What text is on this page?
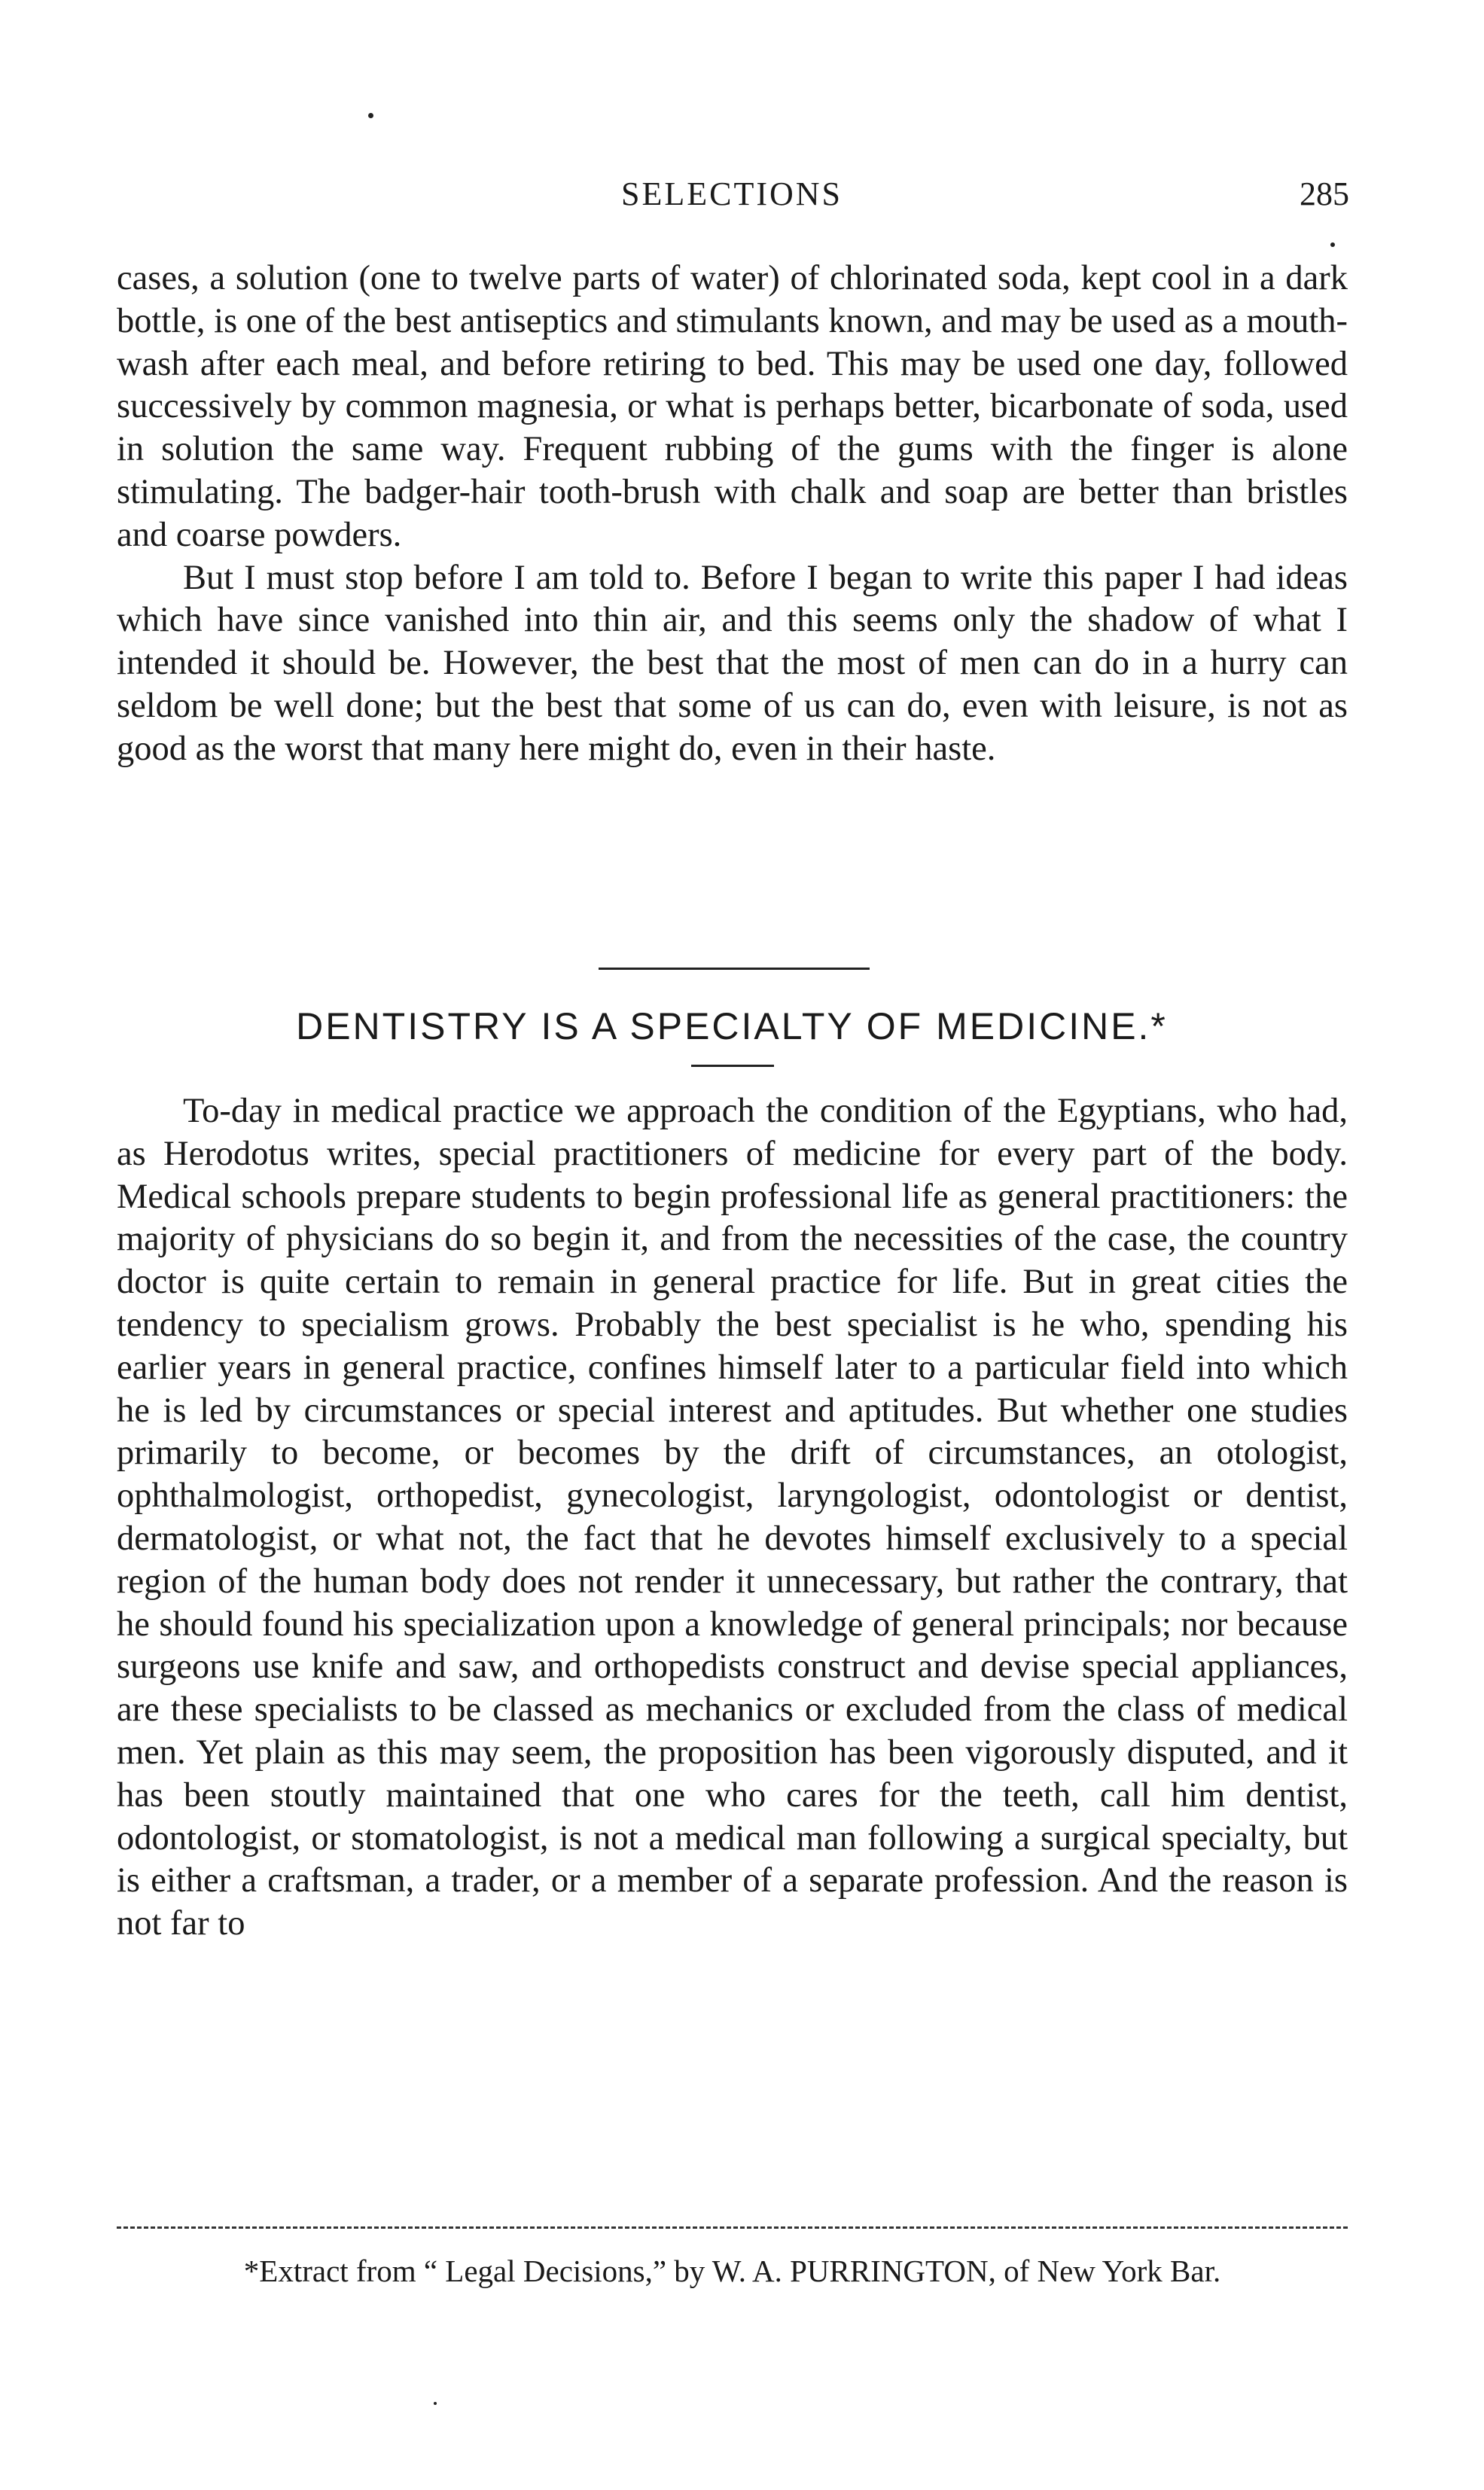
SELECTIONS	285

cases, a solution (one to twelve parts of water) of chlorinated soda, kept cool in a dark bottle, is one of the best antiseptics and stimulants known, and may be used as a mouth-wash after each meal, and before retiring to bed. This may be used one day, followed successively by common magnesia, or what is perhaps better, bicarbonate of soda, used in solution the same way. Frequent rubbing of the gums with the finger is alone stimulating. The badger-hair tooth-brush with chalk and soap are better than bristles and coarse powders.

But I must stop before I am told to. Before I began to write this paper I had ideas which have since vanished into thin air, and this seems only the shadow of what I intended it should be. However, the best that the most of men can do in a hurry can seldom be well done; but the best that some of us can do, even with leisure, is not as good as the worst that many here might do, even in their haste.

DENTISTRY IS A SPECIALTY OF MEDICINE.*

To-day in medical practice we approach the condition of the Egyptians, who had, as Herodotus writes, special practitioners of medicine for every part of the body. Medical schools prepare students to begin professional life as general practitioners: the majority of physicians do so begin it, and from the necessities of the case, the country doctor is quite certain to remain in general practice for life. But in great cities the tendency to specialism grows. Probably the best specialist is he who, spending his earlier years in general practice, confines himself later to a particular field into which he is led by circumstances or special interest and aptitudes. But whether one studies primarily to become, or becomes by the drift of circumstances, an otologist, ophthalmologist, orthopedist, gynecologist, laryngologist, odontologist or dentist, dermatologist, or what not, the fact that he devotes himself exclusively to a special region of the human body does not render it unnecessary, but rather the contrary, that he should found his specialization upon a knowledge of general principals; nor because surgeons use knife and saw, and orthopedists construct and devise special appliances, are these specialists to be classed as mechanics or excluded from the class of medical men. Yet plain as this may seem, the proposition has been vigorously disputed, and it has been stoutly maintained that one who cares for the teeth, call him dentist, odontologist, or stomatologist, is not a medical man following a surgical specialty, but is either a craftsman, a trader, or a member of a separate profession. And the reason is not far to

*Extract from “ Legal Decisions,” by W. A. PURRINGTON, of New York Bar.
